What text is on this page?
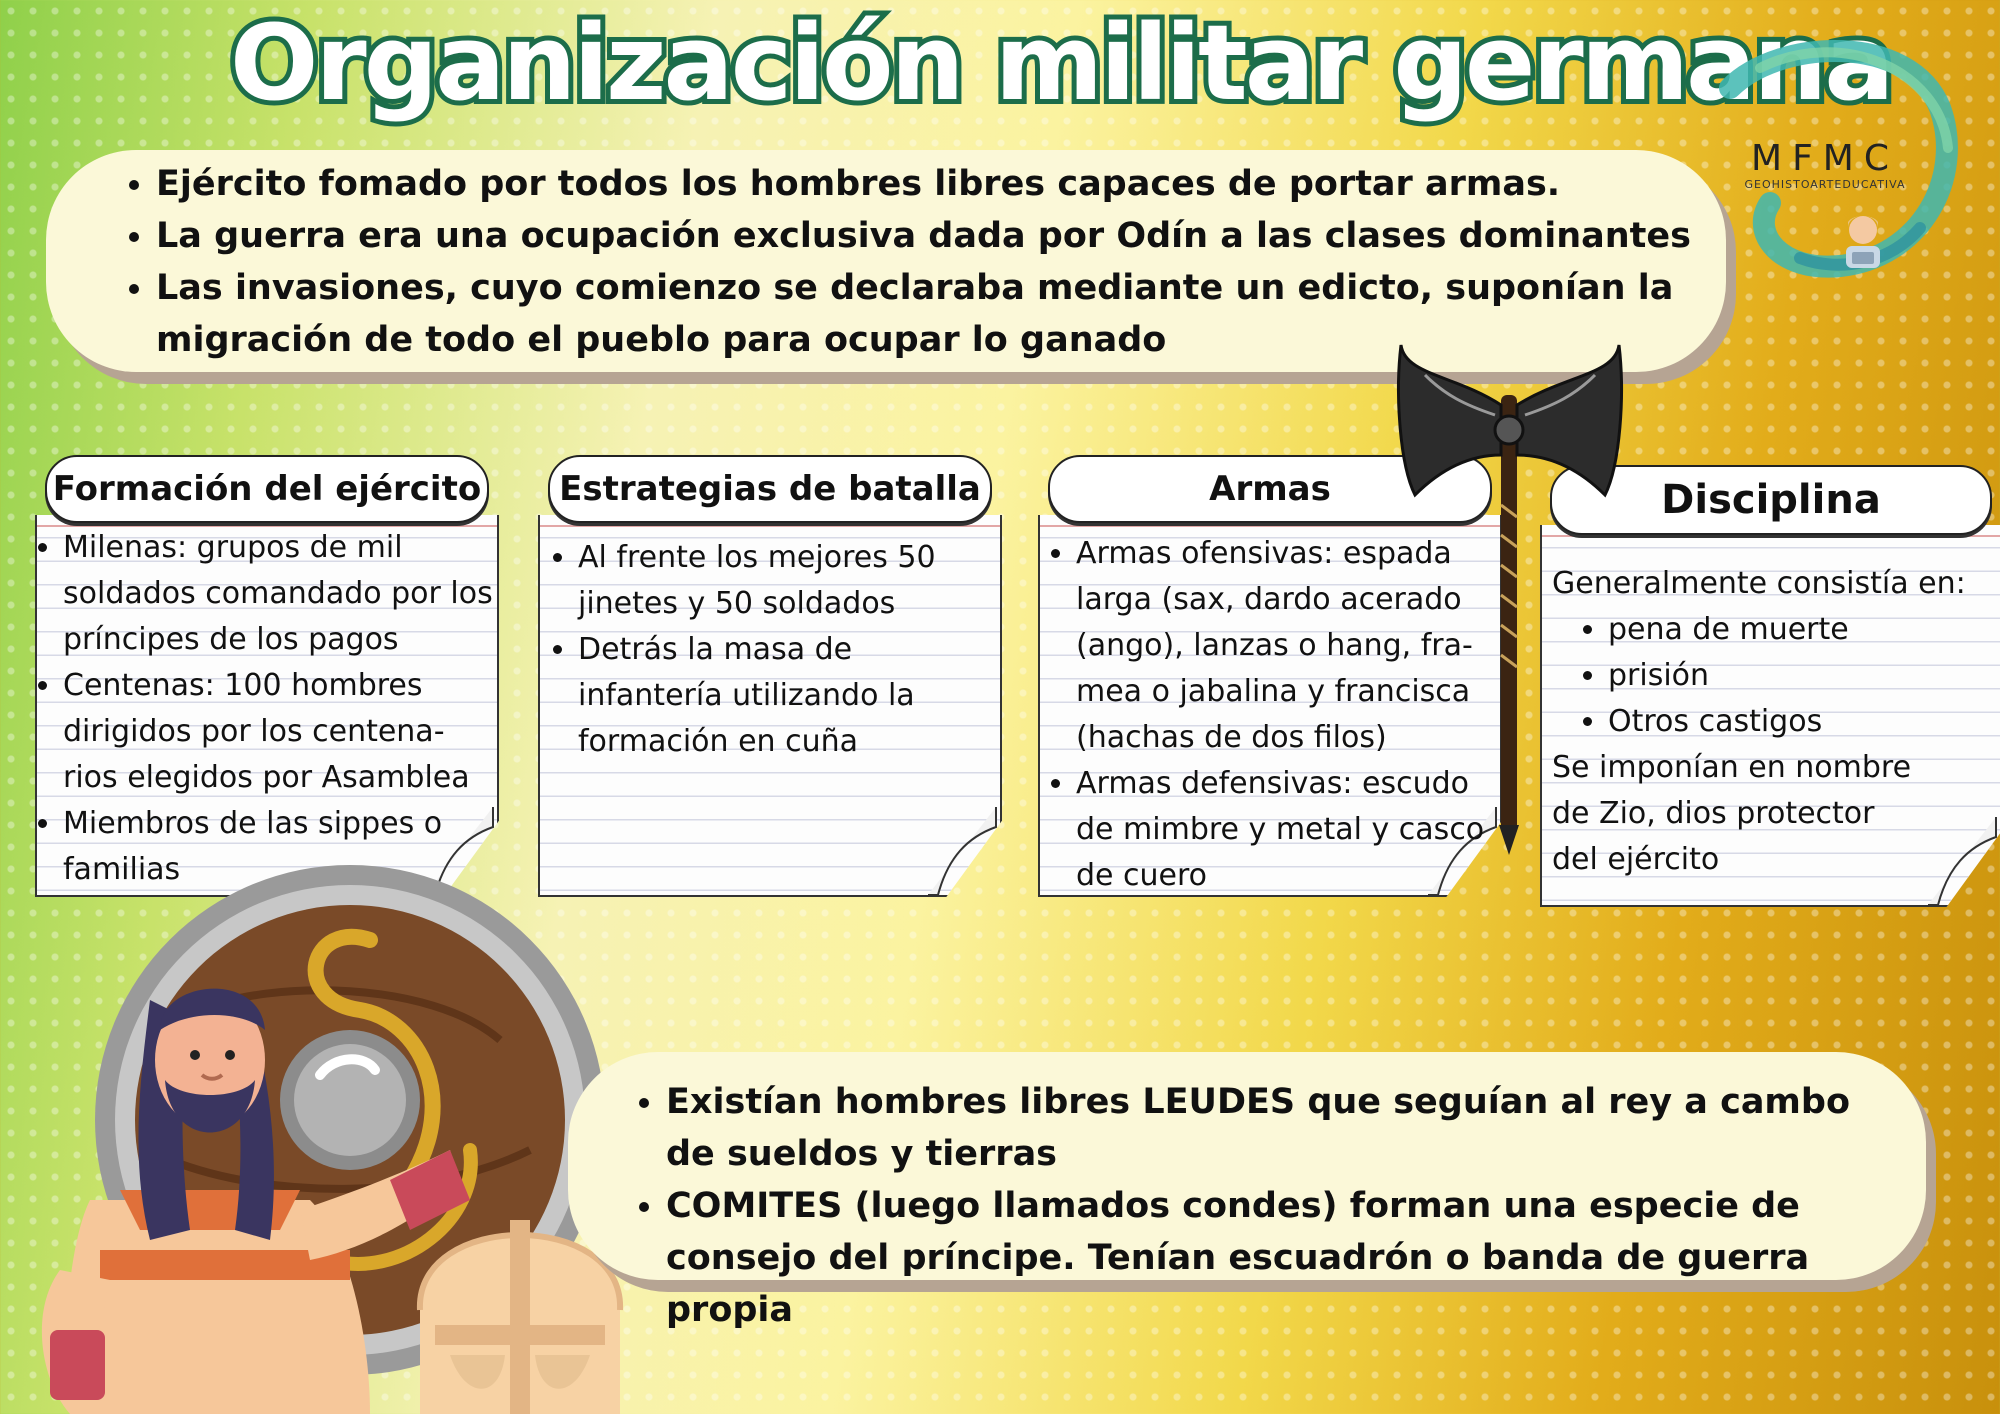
Organización militar germana
MFMC
GEOHISTOARTEDUCATIVA
• Ejército fomado por todos los hombres libres capaces de portar armas.
• La guerra era una ocupación exclusiva dada por Odín a las clases dominantes
• Las invasiones, cuyo comienzo se declaraba mediante un edicto, suponían la migración de todo el pueblo para ocupar lo ganado
Formación del ejército
• Milenas: grupos de mil soldados comandado por los príncipes de los pagos
• Centenas: 100 hombres dirigidos por los centena-rios elegidos por Asamblea
• Miembros de las sippes o familias
Estrategias de batalla
• Al frente los mejores 50 jinetes y 50 soldados
• Detrás la masa de infantería utilizando la formación en cuña
Armas
• Armas ofensivas: espada larga (sax, dardo acerado (ango), lanzas o hang, fra-mea o jabalina y francisca (hachas de dos filos)
• Armas defensivas: escudo de mimbre y metal y casco de cuero
Disciplina

Generalmente consistía en:

• pena de muerte
• prisión
• Otros castigos

Se imponían en nombre de Zio, dios protector del ejército

• Existían hombres libres LEUDES que seguían al rey a cambo de sueldos y tierras
• COMITES (luego llamados condes) forman una especie de consejo del príncipe. Tenían escuadrón o banda de guerra propia
